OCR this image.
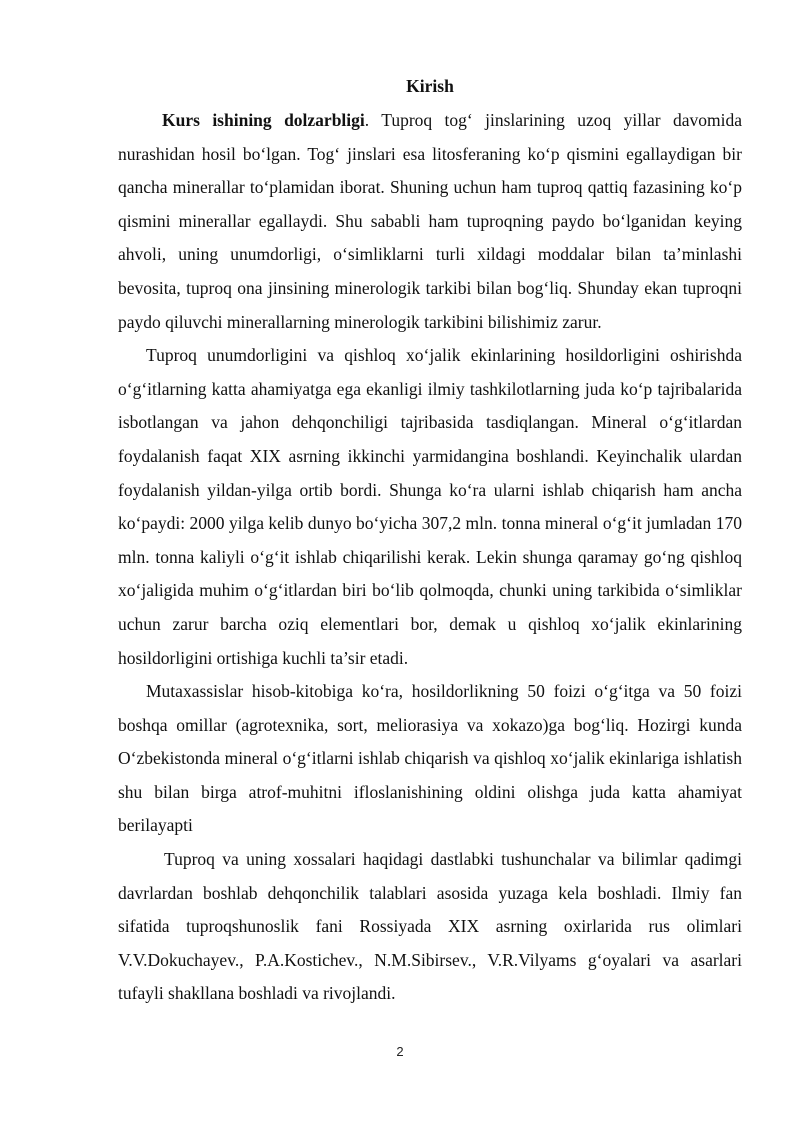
Kirish

Kurs ishining dolzarbligi. Tuproq tog‘ jinslarining uzoq yillar davomida nurashidan hosil bo‘lgan. Tog‘ jinslari esa litosferaning ko‘p qismini egallaydigan bir qancha minerallar to‘plamidan iborat. Shuning uchun ham tuproq qattiq fazasining ko‘p qismini minerallar egallaydi. Shu sababli ham tuproqning paydo bo‘lganidan keying ahvoli, uning unumdorligi, o‘simliklarni turli xildagi moddalar bilan ta’minlashi bevosita, tuproq ona jinsining minerologik tarkibi bilan bog‘liq. Shunday ekan tuproqni paydo qiluvchi minerallarning minerologik tarkibini bilishimiz zarur.

Tuproq unumdorligini va qishloq xo‘jalik ekinlarining hosildorligini oshirishda o‘g‘itlarning katta ahamiyatga ega ekanligi ilmiy tashkilotlarning juda ko‘p tajribalarida isbotlangan va jahon dehqonchiligi tajribasida tasdiqlangan. Mineral o‘g‘itlardan foydalanish faqat XIX asrning ikkinchi yarmidangina boshlandi. Keyinchalik ulardan foydalanish yildan-yilga ortib bordi. Shunga ko‘ra ularni ishlab chiqarish ham ancha ko‘paydi: 2000 yilga kelib dunyo bo‘yicha 307,2 mln. tonna mineral o‘g‘it jumladan 170 mln. tonna kaliyli o‘g‘it ishlab chiqarilishi kerak. Lekin shunga qaramay go‘ng qishloq xo‘jaligida muhim o‘g‘itlardan biri bo‘lib qolmoqda, chunki uning tarkibida o‘simliklar uchun zarur barcha oziq elementlari bor, demak u qishloq xo‘jalik ekinlarining hosildorligini ortishiga kuchli ta’sir etadi.

Mutaxassislar hisob-kitobiga ko‘ra, hosildorlikning 50 foizi o‘g‘itga va 50 foizi boshqa omillar (agrotexnika, sort, meliorasiya va xokazo)ga bog‘liq. Hozirgi kunda O‘zbekistonda mineral o‘g‘itlarni ishlab chiqarish va qishloq xo‘jalik ekinlariga ishlatish shu bilan birga atrof-muhitni ifloslanishining oldini olishga juda katta ahamiyat berilayapti

Tuproq va uning xossalari haqidagi dastlabki tushunchalar va bilimlar qadimgi davrlardan boshlab dehqonchilik talablari asosida yuzaga kela boshladi. Ilmiy fan sifatida tuproqshunoslik fani Rossiyada XIX asrning oxirlarida rus olimlari V.V.Dokuchayev., P.A.Kostichev., N.M.Sibirsev., V.R.Vilyams g‘oyalari va asarlari tufayli shakllana boshladi va rivojlandi.

2
